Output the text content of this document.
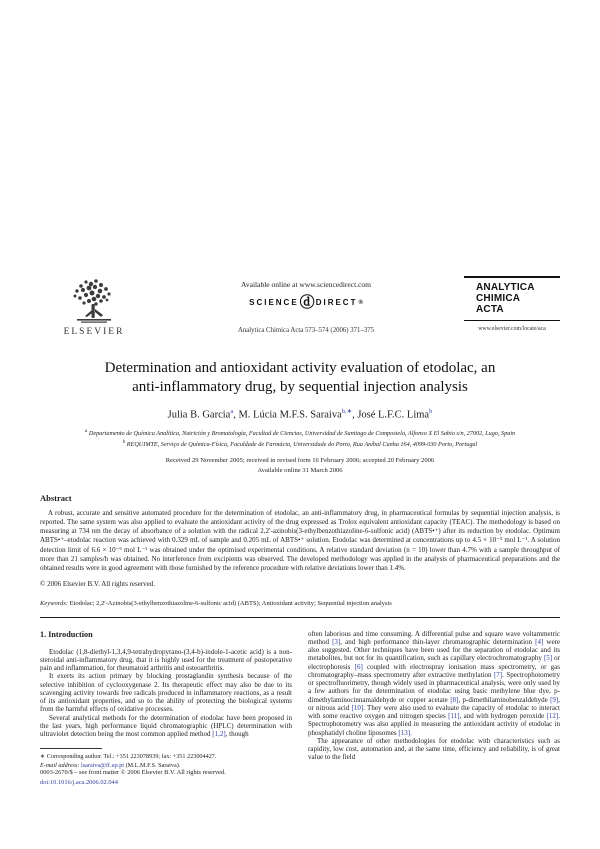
ELSEVIER
Available online at www.sciencedirect.com
SCIENCE ⓓ DIRECT ®
Analytica Chimica Acta 573–574 (2006) 371–375
ANALYTICA
CHIMICA
ACTA
www.elsevier.com/locate/aca
Determination and antioxidant activity evaluation of etodolac, an
anti-inflammatory drug, by sequential injection analysis
Julia B. Garcia$^a$, M. Lúcia M.F.S. Saraiva$^{b,∗}$, José L.F.C. Lima$^b$
$^a$ Departamento de Química Analítica, Nutrición y Bromatología, Facultad de Ciencias, Universidad de Santiago de Compostela, Alfonso X El Sabio s/n, 27002, Lugo, Spain
$^b$ REQUIMTE, Serviço de Química-Física, Faculdade de Farmácia, Universidade do Porto, Rua Aníbal Cunha 164, 4099-030 Porto, Portugal
Received 29 November 2005; received in revised form 16 February 2006; accepted 20 February 2006
Available online 31 March 2006
Abstract

A robust, accurate and sensitive automated procedure for the determination of etodolac, an anti-inflammatory drug, in pharmaceutical formulas by sequential injection analysis, is reported. The same system was also applied to evaluate the antioxidant activity of the drug expressed as Trolox equivalent antioxidant capacity (TEAC). The methodology is based on measuring at 734 nm the decay of absorbance of a solution with the radical 2,2′-azinobis(3-ethylbenzothiazoline-6-sulfonic acid) (ABTS•⁺) after its reduction by etodolac. Optimum ABTS•⁺–etodolac reaction was achieved with 0.329 mL of sample and 0.205 mL of ABTS•⁺ solution. Etodolac was determined at concentrations up to 4.5 × 10⁻⁵ mol L⁻¹. A solution detection limit of 6.6 × 10⁻⁶ mol L⁻¹ was obtained under the optimised experimental conditions. A relative standard deviation (n = 10) lower than 4.7% with a sample throughput of more than 21 samples/h was obtained. No interference from excipients was observed. The developed methodology was applied in the analysis of pharmaceutical preparations and the obtained results were in good agreement with those furnished by the reference procedure with relative deviations lower than 1.4%.

© 2006 Elsevier B.V. All rights reserved.
Keywords: Etodolac; 2,2′-Azinobis(3-ethylbenzothiazoline-6-sulfonic acid) (ABTS); Antioxidant activity; Sequential injection analysis
1. Introduction

Etodolac (1,8-diethyl-1,3,4,9-tetrahydropyrano-(3,4-b)-indole-1-acetic acid) is a non-steroidal anti-inflammatory drug, that it is highly used for the treatment of postoperative pain and inflammation, for rheumatoid arthritis and osteoarthritis.

It exerts its action primary by blocking prostaglandin synthesis because of the selective inhibition of cyclooxygenase 2. Its therapeutic effect may also be due to its scavenging activity towards free radicals produced in inflammatory reactions, as a result of its antioxidant properties, and so to the ability of protecting the biological systems from the harmful effects of oxidative processes.

Several analytical methods for the determination of etodolac have been proposed in the last years, high performance liquid chromatographic (HPLC) determination with ultraviolet detection being the most common applied method [1,2], though

∗ Corresponding author. Tel.: +351 223078939; fax: +351 223004427.

E-mail address: lsaraiva@ff.up.pt (M.L.M.F.S. Saraiva).

often laborious and time consuming. A differential pulse and square wave voltammetric method [3], and high performance thin-layer chromatographic determination [4] were also suggested. Other techniques have been used for the separation of etodolac and its metabolites, but not for its quantification, such as capillary electrochromatography [5] or electrophoresis [6] coupled with electrospray ionisation mass spectrometry, or gas chromatography–mass spectrometry after extractive methylation [7]. Spectrophotometry or spectrofluorimetry, though widely used in pharmaceutical analysis, were only used by a few authors for the determination of etodolac using basic methylene blue dye, p-dimethylaminocinnamaldehyde or cupper acetate [8], p-dimethilaminobenzaldehyde [9], or nitrous acid [10]. They were also used to evaluate the capacity of etodolac to interact with some reactive oxygen and nitrogen species [11], and with hydrogen peroxide [12]. Spectrophotometry was also applied in measuring the antioxidant activity of etodolac in phosphatidyl choline liposomes [13].

The appearance of other methodologies for etodolac with characteristics such as rapidity, low cost, automation and, at the same time, efficiency and reliability, is of great value to the field

0003-2670/$ – see front matter © 2006 Elsevier B.V. All rights reserved.
doi:10.1016/j.aca.2006.02.044
